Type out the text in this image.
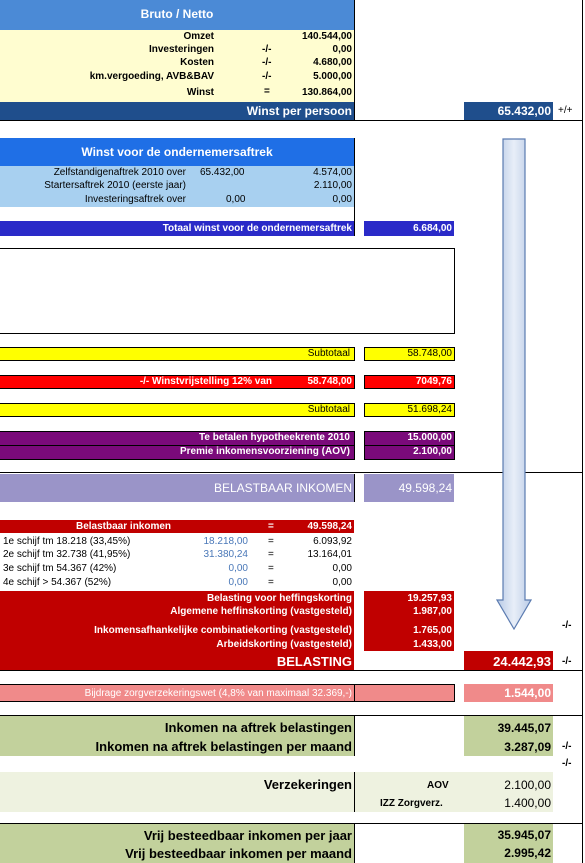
Bruto / Netto
Omzet	140.544,00
Investeringen	-/-	0,00
Kosten	-/-	4.680,00
km.vergoeding, AVB&BAV	-/-	5.000,00
Winst	=	130.864,00
Winst per persoon	65.432,00 +/+
Winst voor de ondernemersaftrek
Zelfstandigenaftrek 2010 over 65.432,00	4.574,00
Startersaftrek 2010 (eerste jaar)	2.110,00
Investeringsaftrek over	0,00	0,00
Totaal winst voor de ondernemersaftrek	6.684,00
Subtotaal	58.748,00
-/- Winstvrijstelling 12% van	58.748,00	7049,76
Subtotaal	51.698,24
Te betalen hypotheekrente 2010	15.000,00
Premie inkomensvoorziening (AOV)	2.100,00
BELASTBAAR INKOMEN	49.598,24
Belastbaar inkomen	=	49.598,24
1e schijf tm 18.218 (33,45%)	18.218,00 =	6.093,92
2e schijf tm 32.738 (41,95%)	31.380,24 =	13.164,01
3e schijf tm 54.367 (42%)	0,00 =	0,00
4e schijf > 54.367 (52%)	0,00 =	0,00
Belasting voor heffingskorting	19.257,93
Algemene heffinskorting (vastgesteld)	1.987,00
Inkomensafhankelijke combinatiekorting (vastgesteld)	1.765,00
Arbeidskorting (vastgesteld)	1.433,00
-/-
BELASTING	24.442,93 -/-
Bijdrage zorgverzekeringswet (4,8% van maximaal 32.369,-)	1.544,00
Inkomen na aftrek belastingen	39.445,07
Inkomen na aftrek belastingen per maand	3.287,09 -/-
-/-
Verzekeringen	AOV	2.100,00
IZZ Zorgverz.	1.400,00
Vrij besteedbaar inkomen per jaar	35.945,07
Vrij besteedbaar inkomen per maand	2.995,42
